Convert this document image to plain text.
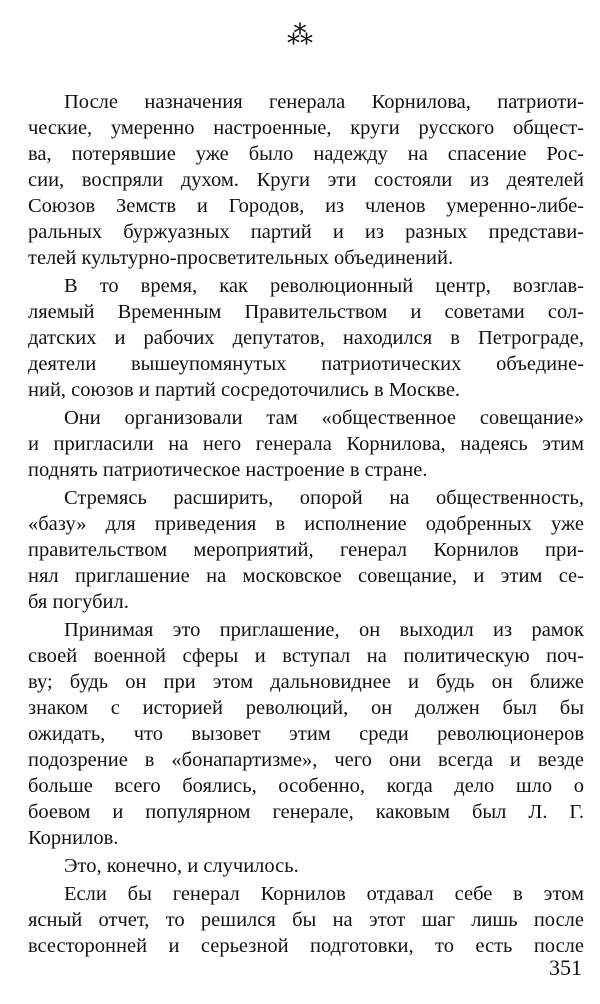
⁂
После назначения генерала Корнилова, патриоти-
ческие, умеренно настроенные, круги русского общест-
ва, потерявшие уже было надежду на спасение Рос-
сии, воспряли духом. Круги эти состояли из деятелей
Союзов Земств и Городов, из членов умеренно-либе-
ральных буржуазных партий и из разных представи-
телей культурно-просветительных объединений.
В то время, как революционный центр, возглав-
ляемый Временным Правительством и советами сол-
датских и рабочих депутатов, находился в Петрограде,
деятели вышеупомянутых патриотических объедине-
ний, союзов и партий сосредоточились в Москве.
Они организовали там «общественное совещание»
и пригласили на него генерала Корнилова, надеясь этим
поднять патриотическое настроение в стране.
Стремясь расширить, опорой на общественность,
«базу» для приведения в исполнение одобренных уже
правительством мероприятий, генерал Корнилов при-
нял приглашение на московское совещание, и этим се-
бя погубил.
Принимая это приглашение, он выходил из рамок
своей военной сферы и вступал на политическую поч-
ву; будь он при этом дальновиднее и будь он ближе
знаком с историей революций, он должен был бы
ожидать, что вызовет этим среди революционеров
подозрение в «бонапартизме», чего они всегда и везде
больше всего боялись, особенно, когда дело шло о
боевом и популярном генерале, каковым был Л. Г.
Корнилов.
Это, конечно, и случилось.
Если бы генерал Корнилов отдавал себе в этом
ясный отчет, то решился бы на этот шаг лишь после
всесторонней и серьезной подготовки, то есть после
351
